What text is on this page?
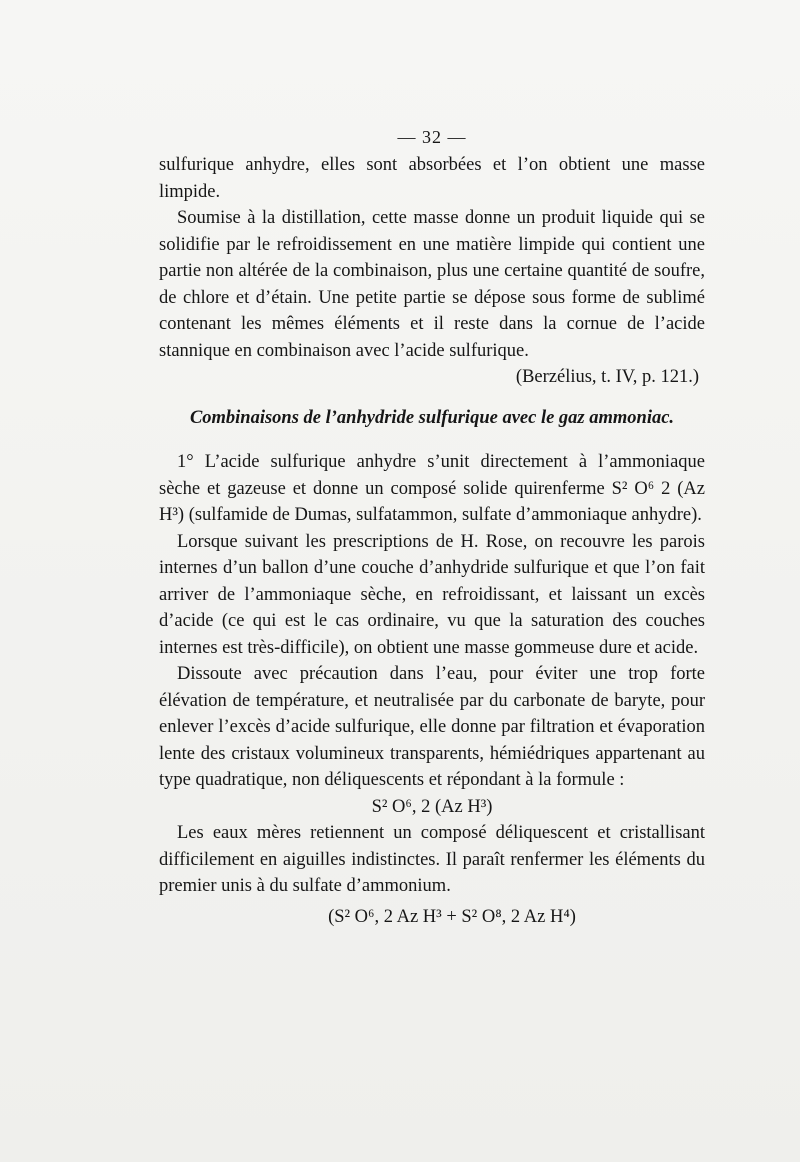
— 32 —

sulfurique anhydre, elles sont absorbées et l’on obtient une masse limpide.

Soumise à la distillation, cette masse donne un produit liquide qui se solidifie par le refroidissement en une matière limpide qui contient une partie non altérée de la combinaison, plus une certaine quantité de soufre, de chlore et d’étain. Une petite partie se dépose sous forme de sublimé contenant les mêmes éléments et il reste dans la cornue de l’acide stannique en combinaison avec l’acide sulfurique.

(Berzélius, t. IV, p. 121.)

Combinaisons de l’anhydride sulfurique avec le gaz ammoniac.

1° L’acide sulfurique anhydre s’unit directement à l’ammoniaque sèche et gazeuse et donne un composé solide quirenferme S² O⁶ 2 (Az H³) (sulfamide de Dumas, sulfatammon, sulfate d’ammoniaque anhydre).

Lorsque suivant les prescriptions de H. Rose, on recouvre les parois internes d’un ballon d’une couche d’anhydride sulfurique et que l’on fait arriver de l’ammoniaque sèche, en refroidissant, et laissant un excès d’acide (ce qui est le cas ordinaire, vu que la saturation des couches internes est très-difficile), on obtient une masse gommeuse dure et acide.

Dissoute avec précaution dans l’eau, pour éviter une trop forte élévation de température, et neutralisée par du carbonate de baryte, pour enlever l’excès d’acide sulfurique, elle donne par filtration et évaporation lente des cristaux volumineux transparents, hémiédriques appartenant au type quadratique, non déliquescents et répondant à la formule :

S² O⁶, 2 (Az H³)

Les eaux mères retiennent un composé déliquescent et cristallisant difficilement en aiguilles indistinctes. Il paraît renfermer les éléments du premier unis à du sulfate d’ammonium.

(S² O⁶, 2 Az H³ + S² O⁸, 2 Az H⁴)
